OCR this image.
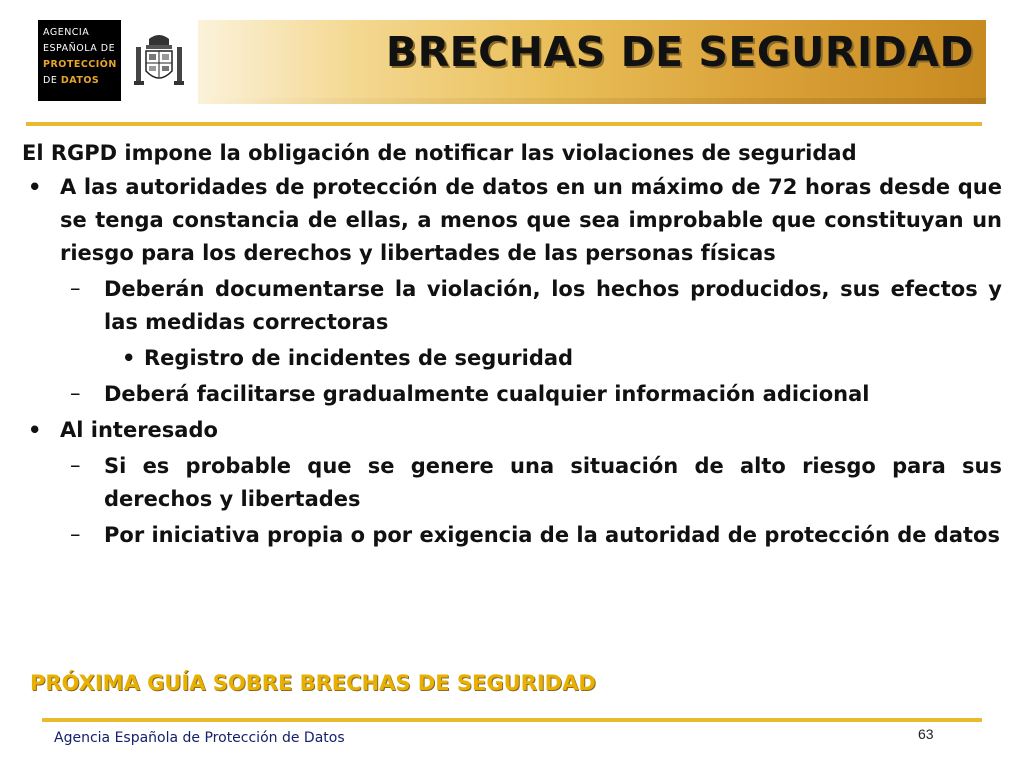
AGENCIA
ESPAÑOLA DE
PROTECCIÓN
DE DATOS
BRECHAS DE SEGURIDAD

El RGPD impone la obligación de notificar las violaciones de seguridad

• A las autoridades de protección de datos en un máximo de 72 horas desde que se tenga constancia de ellas, a menos que sea improbable que constituyan un riesgo para los derechos y libertades de las personas físicas
– Deberán documentarse la violación, los hechos producidos, sus efectos y las medidas correctoras
• Registro de incidentes de seguridad
– Deberá facilitarse gradualmente cualquier información adicional
• Al interesado
– Si es probable que se genere una situación de alto riesgo para sus derechos y libertades
– Por iniciativa propia o por exigencia de la autoridad de protección de datos

PRÓXIMA GUÍA SOBRE BRECHAS DE SEGURIDAD

Agencia Española de Protección de Datos	63
